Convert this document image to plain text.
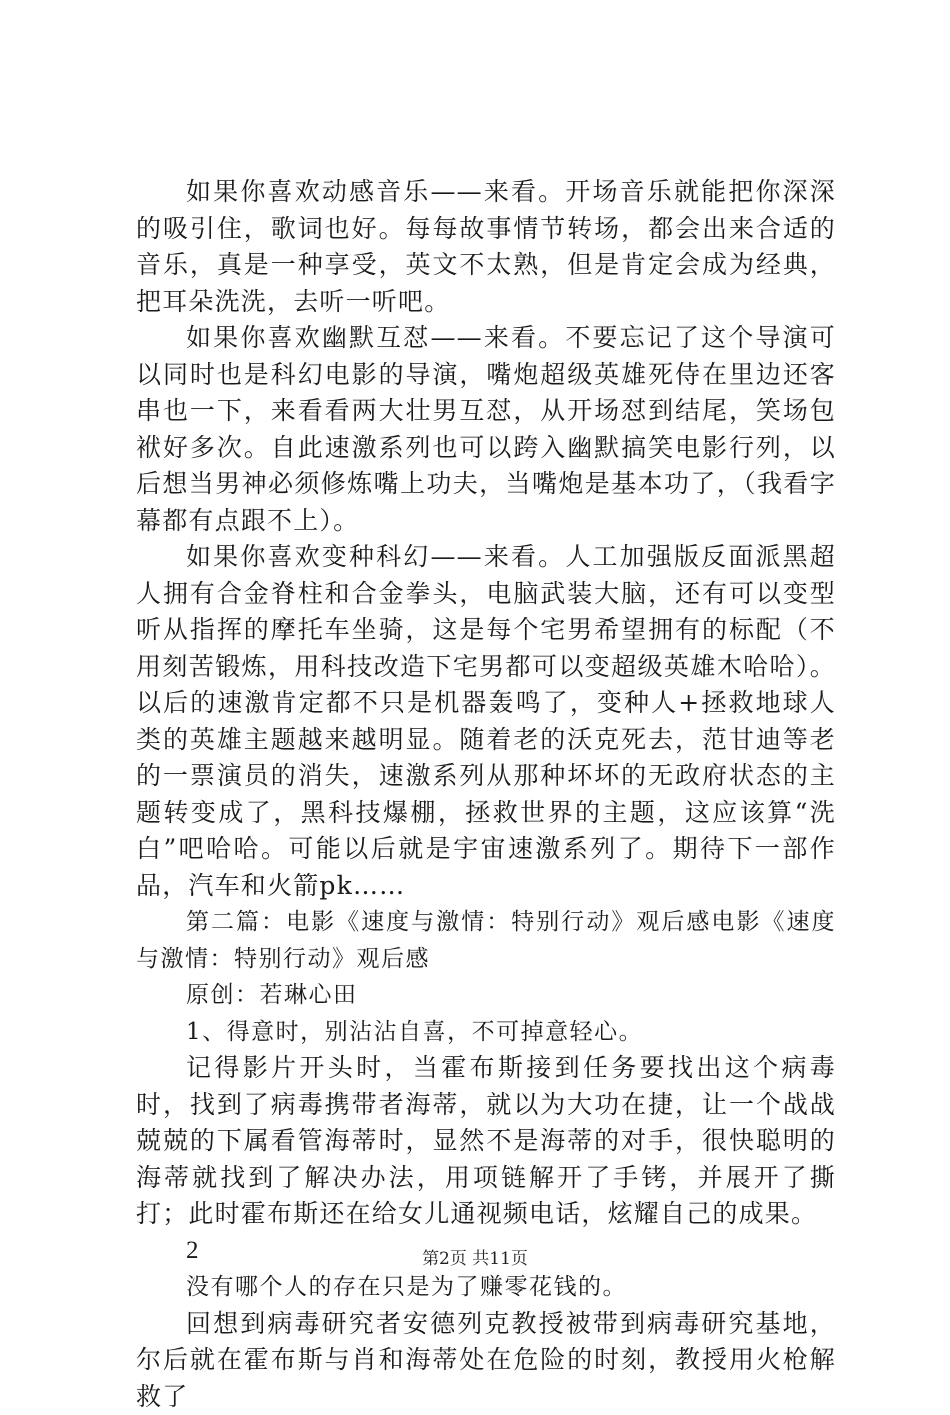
如果你喜欢动感音乐——来看。开场音乐就能把你深深的吸引住，歌词也好。每每故事情节转场，都会出来合适的音乐，真是一种享受，英文不太熟，但是肯定会成为经典，把耳朵洗洗，去听一听吧。

如果你喜欢幽默互怼——来看。不要忘记了这个导演可以同时也是科幻电影的导演，嘴炮超级英雄死侍在里边还客串也一下，来看看两大壮男互怼，从开场怼到结尾，笑场包袱好多次。自此速激系列也可以跨入幽默搞笑电影行列，以后想当男神必须修炼嘴上功夫，当嘴炮是基本功了，（我看字幕都有点跟不上）。

如果你喜欢变种科幻——来看。人工加强版反面派黑超人拥有合金脊柱和合金拳头，电脑武装大脑，还有可以变型听从指挥的摩托车坐骑，这是每个宅男希望拥有的标配（不用刻苦锻炼，用科技改造下宅男都可以变超级英雄木哈哈）。以后的速激肯定都不只是机器轰鸣了，变种人+拯救地球人类的英雄主题越来越明显。随着老的沃克死去，范甘迪等老的一票演员的消失，速激系列从那种坏坏的无政府状态的主题转变成了，黑科技爆棚，拯救世界的主题，这应该算“洗白”吧哈哈。可能以后就是宇宙速激系列了。期待下一部作品，汽车和火箭pk……

第二篇：电影《速度与激情：特别行动》观后感电影《速度与激情：特别行动》观后感

原创：若琳心田

1、得意时，别沾沾自喜，不可掉意轻心。

记得影片开头时，当霍布斯接到任务要找出这个病毒时，找到了病毒携带者海蒂，就以为大功在捷，让一个战战兢兢的下属看管海蒂时，显然不是海蒂的对手，很快聪明的海蒂就找到了解决办法，用项链解开了手铐，并展开了撕打；此时霍布斯还在给女儿通视频电话，炫耀自己的成果。

2

没有哪个人的存在只是为了赚零花钱的。

回想到病毒研究者安德列克教授被带到病毒研究基地，尔后就在霍布斯与肖和海蒂处在危险的时刻，教授用火枪解救了

第2页 共11页
